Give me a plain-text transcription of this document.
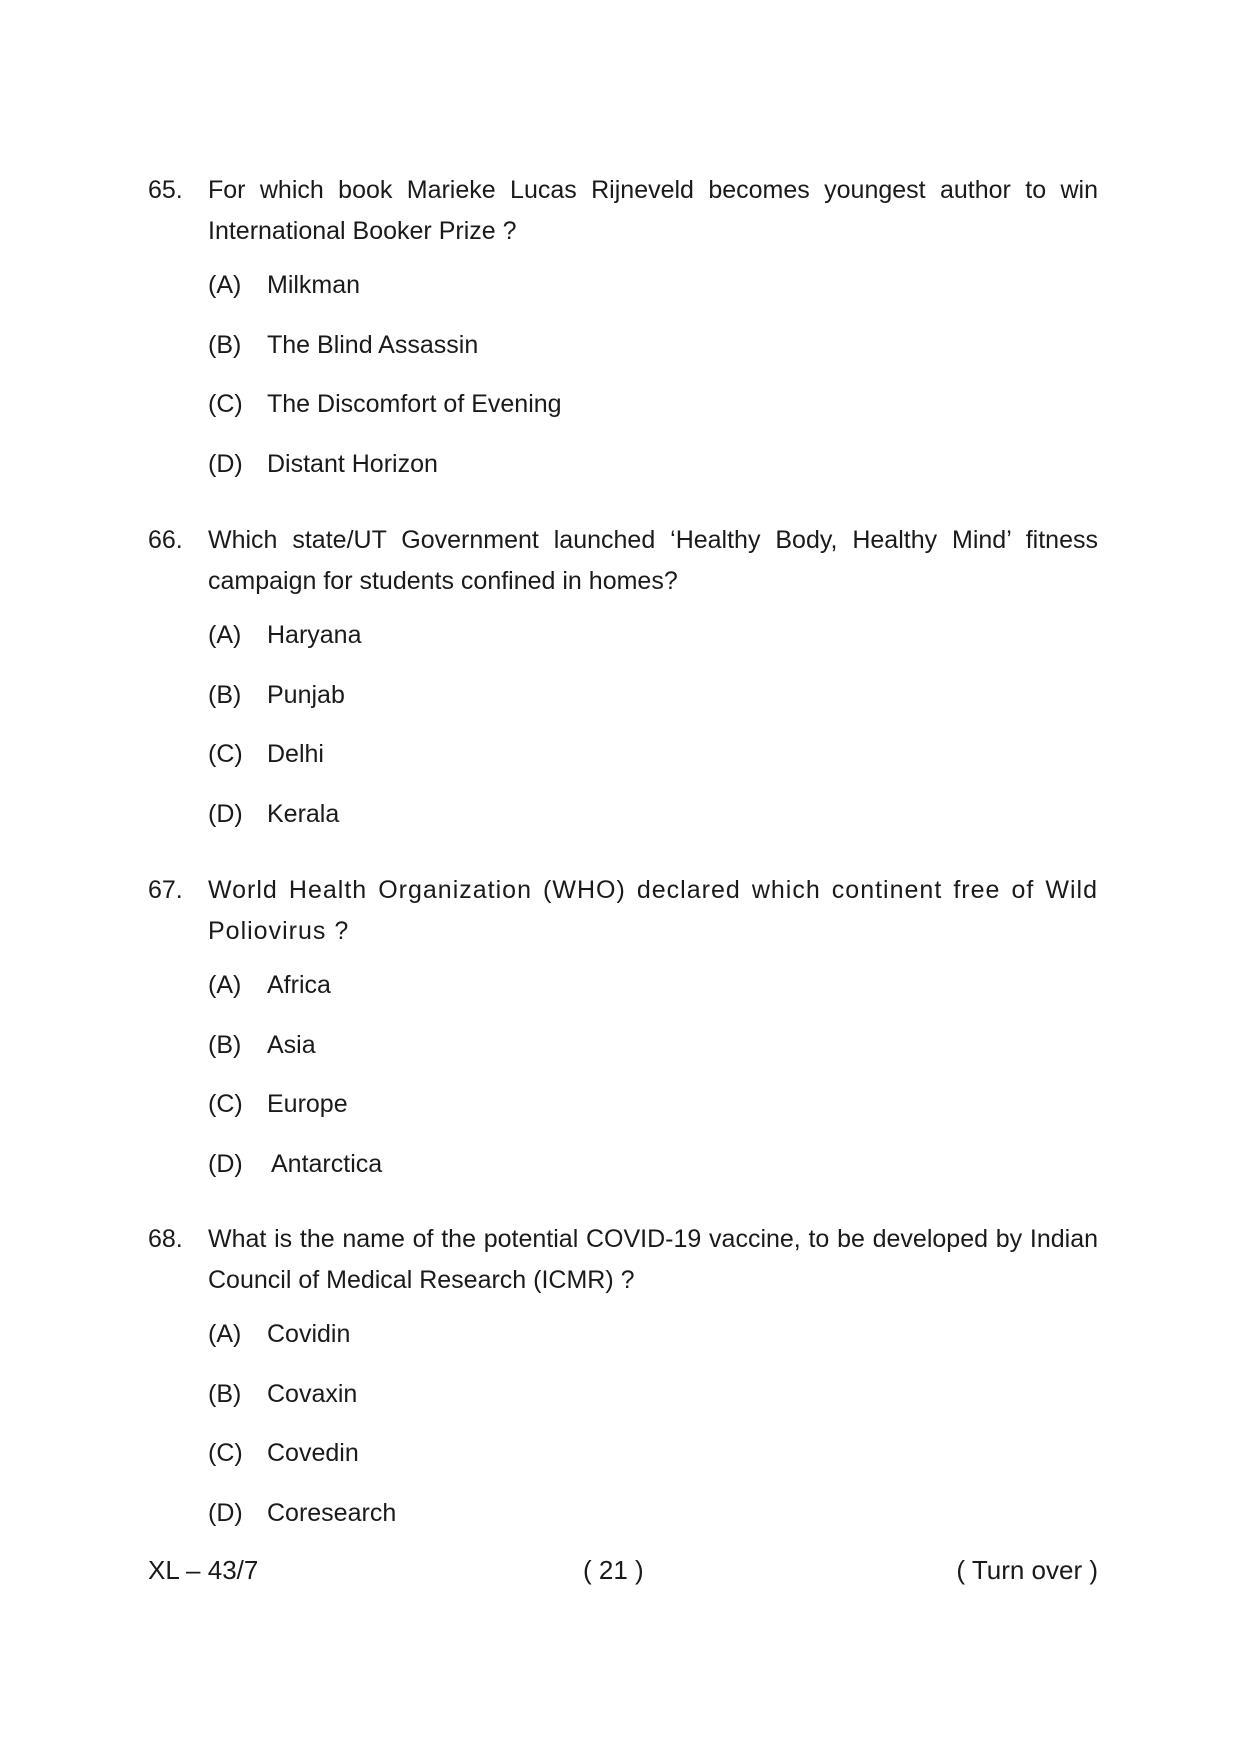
65. For which book Marieke Lucas Rijneveld becomes youngest author to win International Booker Prize ?
(A) Milkman
(B) The Blind Assassin
(C) The Discomfort of Evening
(D) Distant Horizon
66. Which state/UT Government launched ‘Healthy Body, Healthy Mind’ fitness campaign for students confined in homes?
(A) Haryana
(B) Punjab
(C) Delhi
(D) Kerala
67. World Health Organization (WHO) declared which continent free of Wild Poliovirus ?
(A) Africa
(B) Asia
(C) Europe
(D) Antarctica
68. What is the name of the potential COVID-19 vaccine, to be developed by Indian Council of Medical Research (ICMR) ?
(A) Covidin
(B) Covaxin
(C) Covedin
(D) Coresearch
XL – 43/7	( 21 )	( Turn over )
